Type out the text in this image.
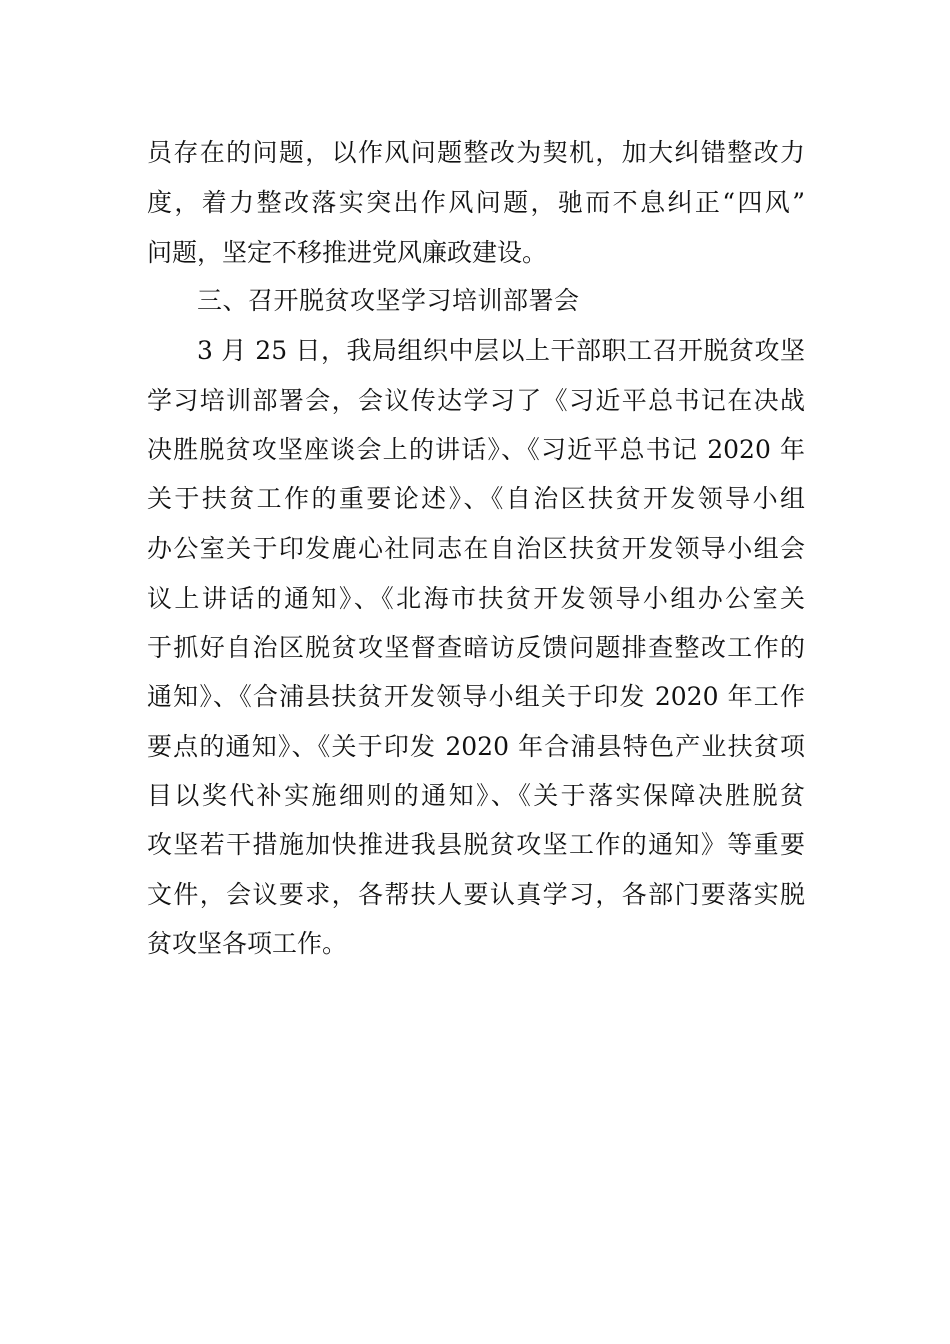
员存在的问题，以作风问题整改为契机，加大纠错整改力
度，着力整改落实突出作风问题，驰而不息纠正“四风”
问题，坚定不移推进党风廉政建设。
三、召开脱贫攻坚学习培训部署会
3 月 25 日，我局组织中层以上干部职工召开脱贫攻坚
学习培训部署会，会议传达学习了《习近平总书记在决战
决胜脱贫攻坚座谈会上的讲话》、《习近平总书记 2020 年
关于扶贫工作的重要论述》、《自治区扶贫开发领导小组
办公室关于印发鹿心社同志在自治区扶贫开发领导小组会
议上讲话的通知》、《北海市扶贫开发领导小组办公室关
于抓好自治区脱贫攻坚督查暗访反馈问题排查整改工作的
通知》、《合浦县扶贫开发领导小组关于印发 2020 年工作
要点的通知》、《关于印发 2020 年合浦县特色产业扶贫项
目以奖代补实施细则的通知》、《关于落实保障决胜脱贫
攻坚若干措施加快推进我县脱贫攻坚工作的通知》等重要
文件，会议要求，各帮扶人要认真学习，各部门要落实脱
贫攻坚各项工作。
